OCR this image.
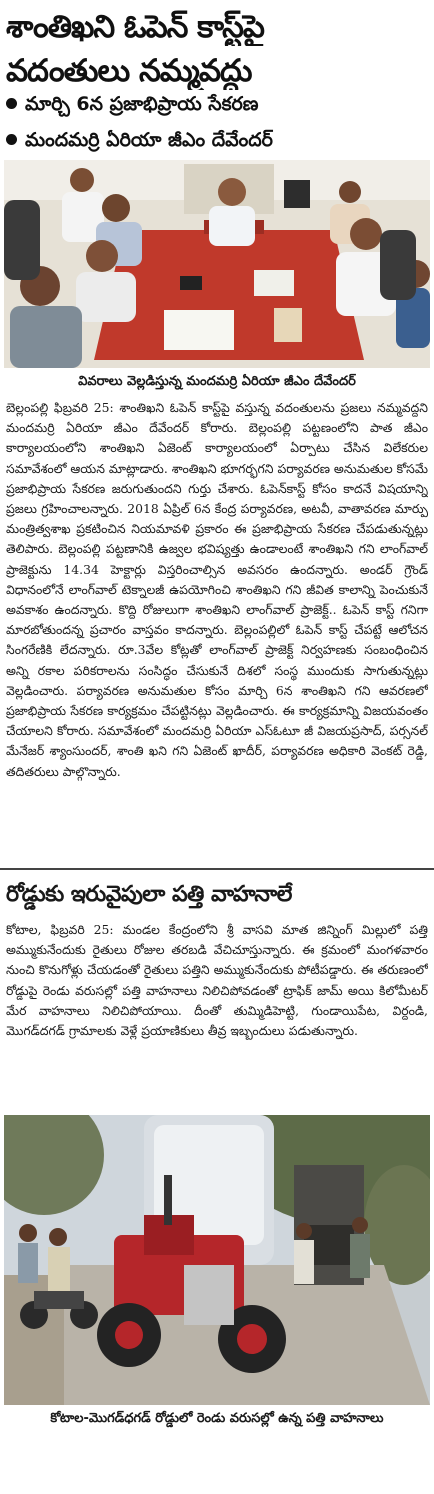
శాంతిఖని ఓపెన్ కాస్ట్‌పై
వదంతులు నమ్మవద్దు
మార్చి 6న ప్రజాభిప్రాయ సేకరణ
మందమర్రి ఏరియా జీఎం దేవేందర్
వివరాలు వెల్లడిస్తున్న మందమర్రి ఏరియా జీఎం దేవేందర్
బెల్లంపల్లి ఫిబ్రవరి 25: శాంతిఖని ఓపెన్ కాస్ట్‌పై వస్తున్న వదంతులను ప్రజలు నమ్మవద్దని మందమర్రి ఏరియా జీఎం దేవేందర్ కోరారు. బెల్లంపల్లి పట్టణంలోని పాత జీఎం కార్యాలయంలోని శాంతిఖని ఏజెంట్ కార్యాలయంలో ఏర్పాటు చేసిన విలేకరుల సమావేశంలో ఆయన మాట్లాడారు. శాంతిఖని భూగర్భగని పర్యావరణ అనుమతుల కోసమే ప్రజాభిప్రాయ సేకరణ జరుగుతుందని గుర్తు చేశారు. ఓపెన్‌కాస్ట్ కోసం కాదనే విషయాన్ని ప్రజలు గ్రహించాలన్నారు. 2018 ఏప్రిల్ 6న కేంద్ర పర్యావరణ, అటవీ, వాతావరణ మార్పు మంత్రిత్వశాఖ ప్రకటించిన నియమావళి ప్రకారం ఈ ప్రజాభిప్రాయ సేకరణ చేపడుతున్నట్లు తెలిపారు. బెల్లంపల్లి పట్టణానికి ఉజ్వల భవిష్యత్తు ఉండాలంటే శాంతిఖని గని లాంగ్‌వాల్ ప్రాజెక్టును 14.34 హెక్టార్లు విస్తరించాల్సిన అవసరం ఉందన్నారు. అండర్ గ్రౌండ్ విధానంలోనే లాంగ్‌వాల్ టెక్నాలజీ ఉపయోగించి శాంతిఖని గని జీవిత కాలాన్ని పెంచుకునే అవకాశం ఉందన్నారు. కొద్ది రోజులుగా శాంతిఖని లాంగ్‌వాల్ ప్రాజెక్ట్.. ఓపెన్ కాస్ట్ గనిగా మారబోతుందన్న ప్రచారం వాస్తవం కాదన్నారు. బెల్లంపల్లిలో ఓపెన్ కాస్ట్ చేపట్టే ఆలోచన సింగరేణికి లేదన్నారు. రూ.3వేల కోట్లతో లాంగ్‌వాల్ ప్రాజెక్ట్ నిర్వహణకు సంబంధించిన అన్ని రకాల పరికరాలను సంసిద్ధం చేసుకునే దిశలో సంస్థ ముందుకు సాగుతున్నట్లు వెల్లడించారు. పర్యావరణ అనుమతుల కోసం మార్చి 6న శాంతిఖని గని ఆవరణలో ప్రజాభిప్రాయ సేకరణ కార్యక్రమం చేపట్టినట్లు వెల్లడించారు. ఈ కార్యక్రమాన్ని విజయవంతం చేయాలని కోరారు. సమావేశంలో మందమర్రి ఏరియా ఎస్ఓటూ జీ విజయప్రసాద్, పర్సనల్ మేనేజర్ శ్యాంసుందర్, శాంతి ఖని గని ఏజెంట్ ఖాదీర్, పర్యావరణ అధికారి వెంకట్ రెడ్డి, తదితరులు పాల్గొన్నారు.
రోడ్డుకు ఇరువైపులా పత్తి వాహనాలే
కోటాల, ఫిబ్రవరి 25: మండల కేంద్రంలోని శ్రీ వాసవి మాత జిన్నింగ్ మిల్లులో పత్తి అమ్ముకునేందుకు రైతులు రోజుల తరబడి వేచిచూస్తున్నారు. ఈ క్రమంలో మంగళవారం నుంచి కొనుగోళ్లు చేయడంతో రైతులు పత్తిని అమ్ముకునేందుకు పోటీపడ్డారు. ఈ తరుణంలో రోడ్డుపై రెండు వరుసల్లో పత్తి వాహనాలు నిలిచిపోవడంతో ట్రాఫిక్ జామ్ అయి కిలోమీటర్ మేర వాహనాలు నిలిచిపోయాయి. దీంతో తుమ్మిడిహెట్టి, గుండాయిపేట, విర్దండి, మొగడ్‌దగడ్ గ్రామాలకు వెళ్లే ప్రయాణికులు తీవ్ర ఇబ్బందులు పడుతున్నారు.
కోటాల-మొగడ్‌ధగడ్ రోడ్డులో రెండు వరుసల్లో ఉన్న పత్తి వాహనాలు
